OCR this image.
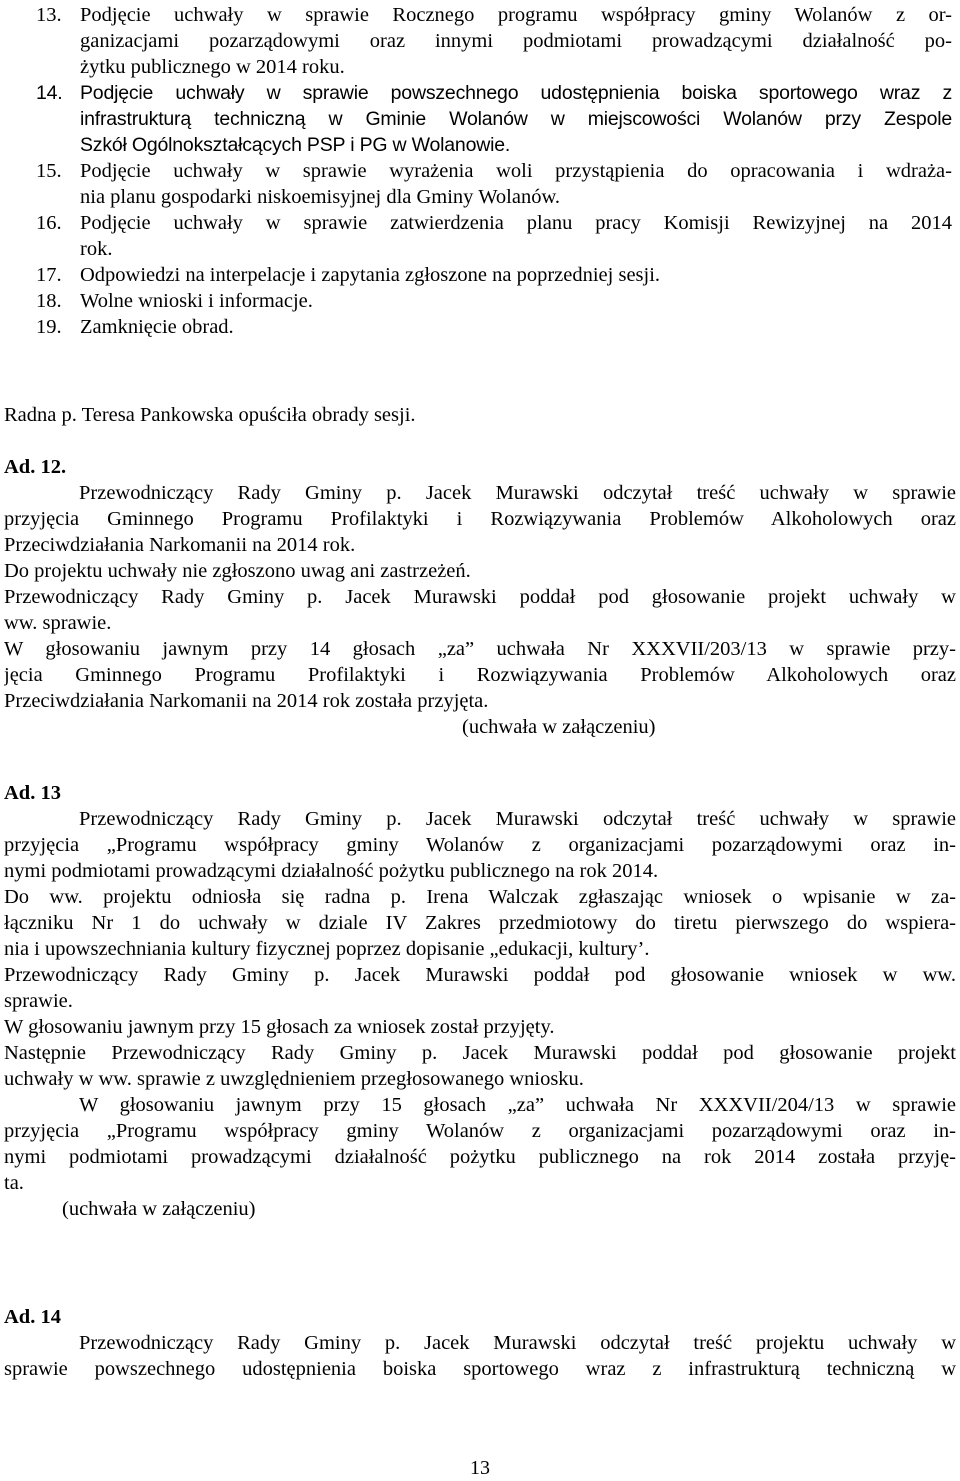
13. Podjęcie uchwały w sprawie Rocznego programu współpracy gminy Wolanów z or-
ganizacjami pozarządowymi oraz innymi podmiotami prowadzącymi działalność po-
żytku publicznego w 2014 roku.
14. Podjęcie uchwały w sprawie powszechnego udostępnienia boiska sportowego wraz z
infrastrukturą techniczną w Gminie Wolanów w miejscowości Wolanów przy Zespole
Szkół Ogólnokształcących PSP i PG w Wolanowie.
15. Podjęcie uchwały w sprawie wyrażenia woli przystąpienia do opracowania i wdraża-
nia planu gospodarki niskoemisyjnej dla Gminy Wolanów.
16. Podjęcie uchwały w sprawie zatwierdzenia planu pracy Komisji Rewizyjnej na 2014
rok.
17. Odpowiedzi na interpelacje i zapytania zgłoszone na poprzedniej sesji.
18. Wolne wnioski i informacje.
19. Zamknięcie obrad.
Radna p. Teresa Pankowska opuściła obrady sesji.
Ad. 12.
Przewodniczący Rady Gminy p. Jacek Murawski odczytał treść uchwały w sprawie
przyjęcia Gminnego Programu Profilaktyki i Rozwiązywania Problemów Alkoholowych oraz
Przeciwdziałania Narkomanii na 2014 rok.
Do projektu uchwały nie zgłoszono uwag ani zastrzeżeń.
Przewodniczący Rady Gminy p. Jacek Murawski poddał pod głosowanie projekt uchwały w
ww. sprawie.
W głosowaniu jawnym przy 14 głosach „za” uchwała Nr XXXVII/203/13 w sprawie przy-
jęcia Gminnego Programu Profilaktyki i Rozwiązywania Problemów Alkoholowych oraz
Przeciwdziałania Narkomanii na 2014 rok została przyjęta.
(uchwała w załączeniu)
Ad. 13
Przewodniczący Rady Gminy p. Jacek Murawski odczytał treść uchwały w sprawie
przyjęcia „Programu współpracy gminy Wolanów z organizacjami pozarządowymi oraz in-
nymi podmiotami prowadzącymi działalność pożytku publicznego na rok 2014.
Do ww. projektu odniosła się radna p. Irena Walczak zgłaszając wniosek o wpisanie w za-
łączniku Nr 1 do uchwały w dziale IV Zakres przedmiotowy do tiretu pierwszego do wspiera-
nia i upowszechniania kultury fizycznej poprzez dopisanie „edukacji, kultury’.
Przewodniczący Rady Gminy p. Jacek Murawski poddał pod głosowanie wniosek w ww.
sprawie.
W głosowaniu jawnym przy 15 głosach za wniosek został przyjęty.
Następnie Przewodniczący Rady Gminy p. Jacek Murawski poddał pod głosowanie projekt
uchwały w ww. sprawie z uwzględnieniem przegłosowanego wniosku.
W głosowaniu jawnym przy 15 głosach „za” uchwała Nr XXXVII/204/13 w sprawie
przyjęcia „Programu współpracy gminy Wolanów z organizacjami pozarządowymi oraz in-
nymi podmiotami prowadzącymi działalność pożytku publicznego na rok 2014 została przyję-
ta.
(uchwała w załączeniu)
Ad. 14
Przewodniczący Rady Gminy p. Jacek Murawski odczytał treść projektu uchwały w
sprawie powszechnego udostępnienia boiska sportowego wraz z infrastrukturą techniczną w
13
